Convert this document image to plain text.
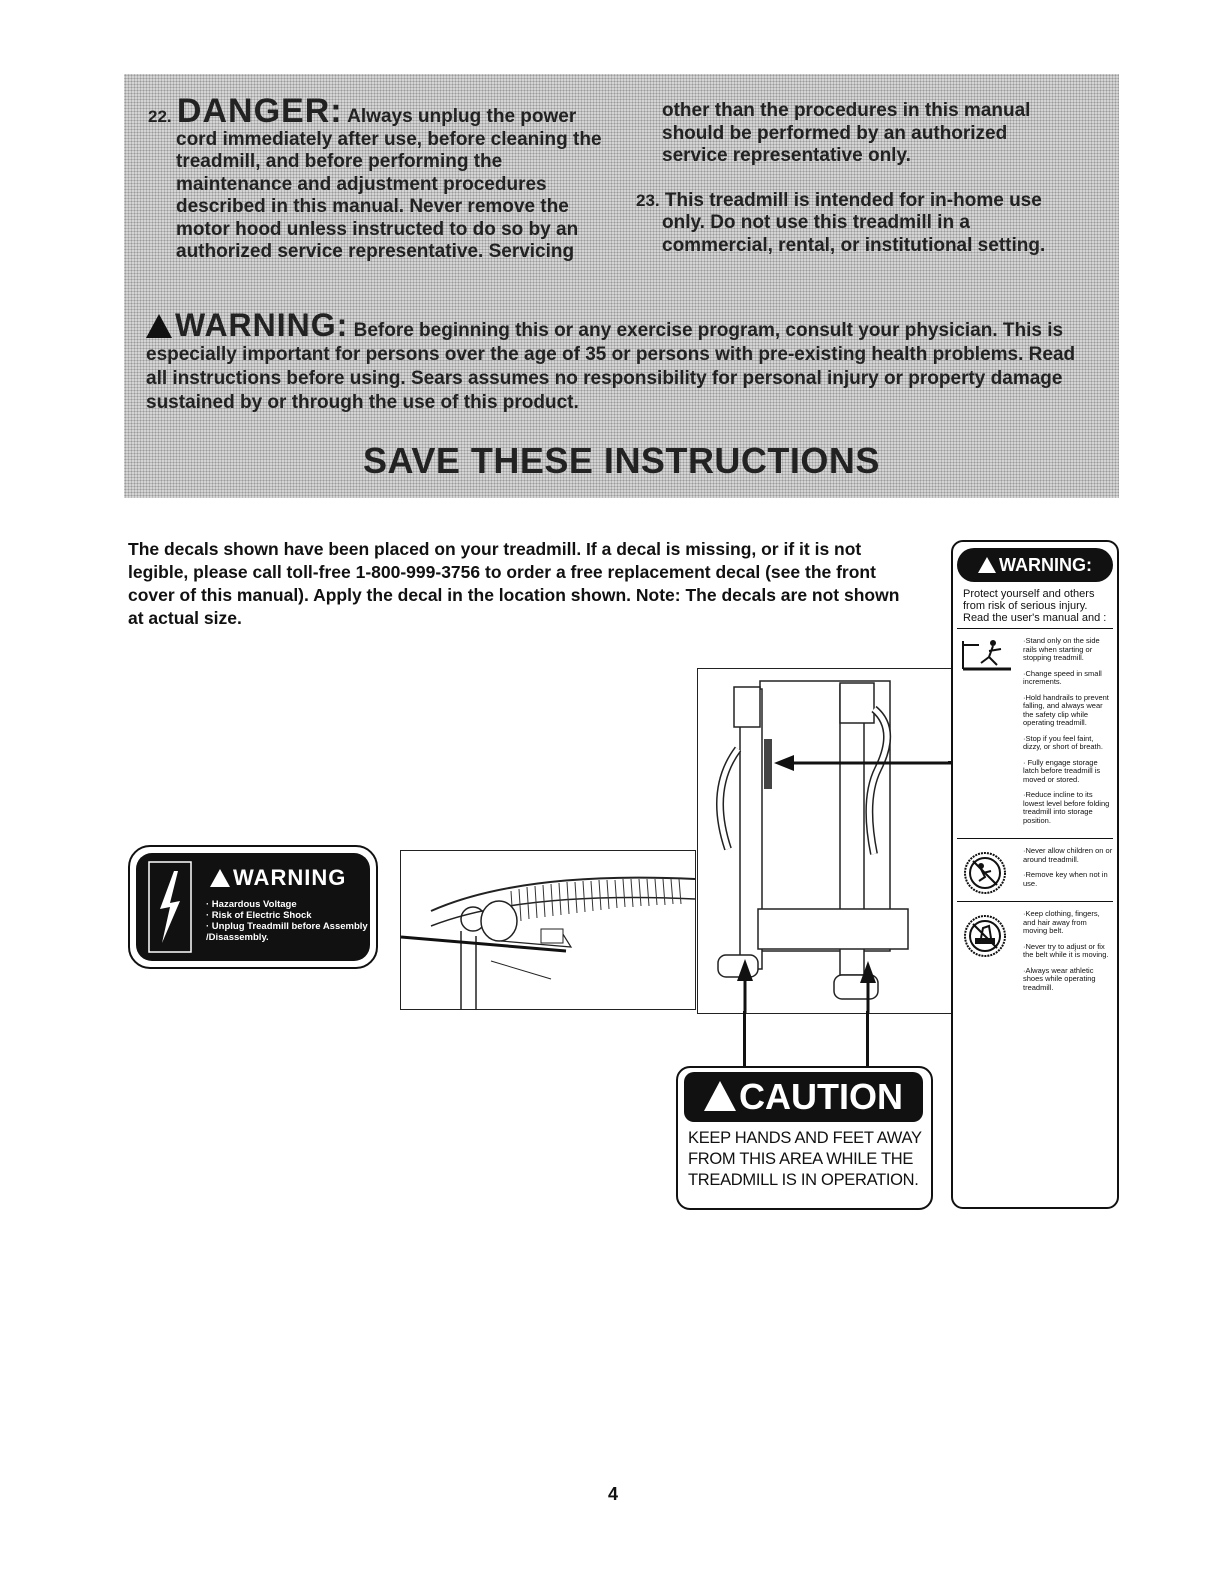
22. DANGER: Always unplug the power
cord immediately after use, before cleaning the treadmill, and before performing the maintenance and adjustment procedures described in this manual. Never remove the motor hood unless instructed to do so by an authorized service representative. Servicing
other than the procedures in this manual should be performed by an authorized service representative only.
23. This treadmill is intended for in-home use only. Do not use this treadmill in a commercial, rental, or institutional setting.
WARNING: Before beginning this or any exercise program, consult your physician. This is especially important for persons over the age of 35 or persons with pre-existing health problems. Read all instructions before using. Sears assumes no responsibility for personal injury or property damage sustained by or through the use of this product.
SAVE THESE INSTRUCTIONS
The decals shown have been placed on your treadmill. If a decal is missing, or if it is not legible, please call toll-free 1-800-999-3756 to order a free replacement decal (see the front cover of this manual). Apply the decal in the location shown. Note: The decals are not shown at actual size.
WARNING
· Hazardous Voltage
· Risk of Electric Shock
· Unplug Treadmill before Assembly
/Disassembly.
CAUTION
KEEP HANDS AND FEET AWAY
FROM THIS AREA WHILE THE
TREADMILL IS IN OPERATION.
WARNING:
Protect yourself and others from risk of serious injury. Read the user's manual and :
·Stand only on the side rails when starting or stopping treadmill.
·Change speed in small increments.
·Hold handrails to prevent falling, and always wear the safety clip while operating treadmill.
·Stop if you feel faint, dizzy, or short of breath.
· Fully engage storage latch before treadmill is moved or stored.
·Reduce incline to its lowest level before folding treadmill into storage position.
·Never allow children on or around treadmill.
·Remove key when not in use.
·Keep clothing, fingers, and hair away from moving belt.
·Never try to adjust or fix the belt while it is moving.
·Always wear athletic shoes while operating treadmill.
4
